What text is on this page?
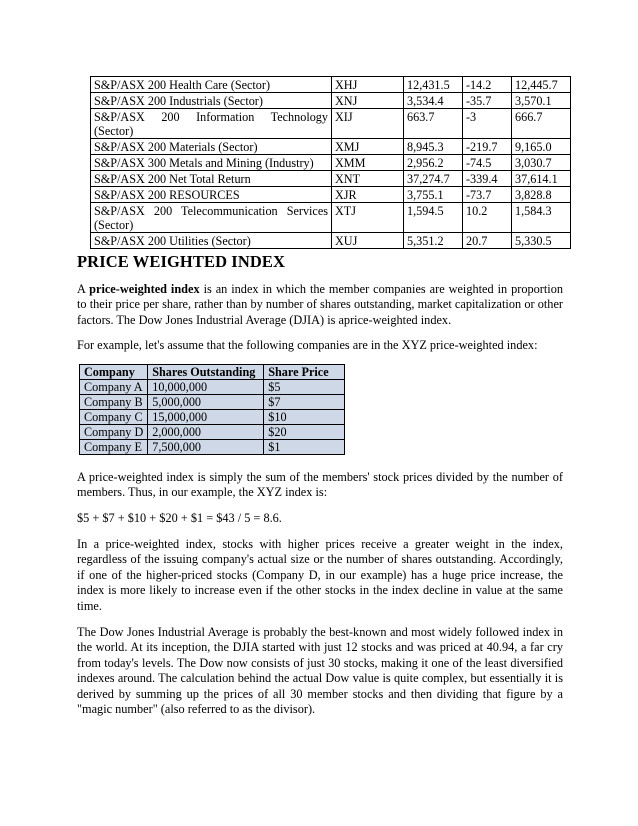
S&P/ASX 200 Health Care (Sector)	XHJ	12,431.5	-14.2	12,445.7
S&P/ASX 200 Industrials (Sector)	XNJ	3,534.4	-35.7	3,570.1
S&P/ASX 200 Information Technology (Sector)	XIJ	663.7	-3	666.7
S&P/ASX 200 Materials (Sector)	XMJ	8,945.3	-219.7	9,165.0
S&P/ASX 300 Metals and Mining (Industry)	XMM	2,956.2	-74.5	3,030.7
S&P/ASX 200 Net Total Return	XNT	37,274.7	-339.4	37,614.1
S&P/ASX 200 RESOURCES	XJR	3,755.1	-73.7	3,828.8
S&P/ASX 200 Telecommunication Services (Sector)	XTJ	1,594.5	10.2	1,584.3
S&P/ASX 200 Utilities (Sector)	XUJ	5,351.2	20.7	5,330.5
PRICE WEIGHTED INDEX

A price-weighted index is an index in which the member companies are weighted in proportion to their price per share, rather than by number of shares outstanding, market capitalization or other factors. The Dow Jones Industrial Average (DJIA) is aprice-weighted index.

For example, let's assume that the following companies are in the XYZ price-weighted index:

Company	Shares Outstanding	Share Price
Company A	10,000,000	$5
Company B	5,000,000	$7
Company C	15,000,000	$10
Company D	2,000,000	$20
Company E	7,500,000	$1

A price-weighted index is simply the sum of the members' stock prices divided by the number of members. Thus, in our example, the XYZ index is:

$5 + $7 + $10 + $20 + $1 = $43 / 5 = 8.6.

In a price-weighted index, stocks with higher prices receive a greater weight in the index, regardless of the issuing company's actual size or the number of shares outstanding. Accordingly, if one of the higher-priced stocks (Company D, in our example) has a huge price increase, the index is more likely to increase even if the other stocks in the index decline in value at the same time.

The Dow Jones Industrial Average is probably the best-known and most widely followed index in the world. At its inception, the DJIA started with just 12 stocks and was priced at 40.94, a far cry from today's levels. The Dow now consists of just 30 stocks, making it one of the least diversified indexes around. The calculation behind the actual Dow value is quite complex, but essentially it is derived by summing up the prices of all 30 member stocks and then dividing that figure by a "magic number" (also referred to as the divisor).
